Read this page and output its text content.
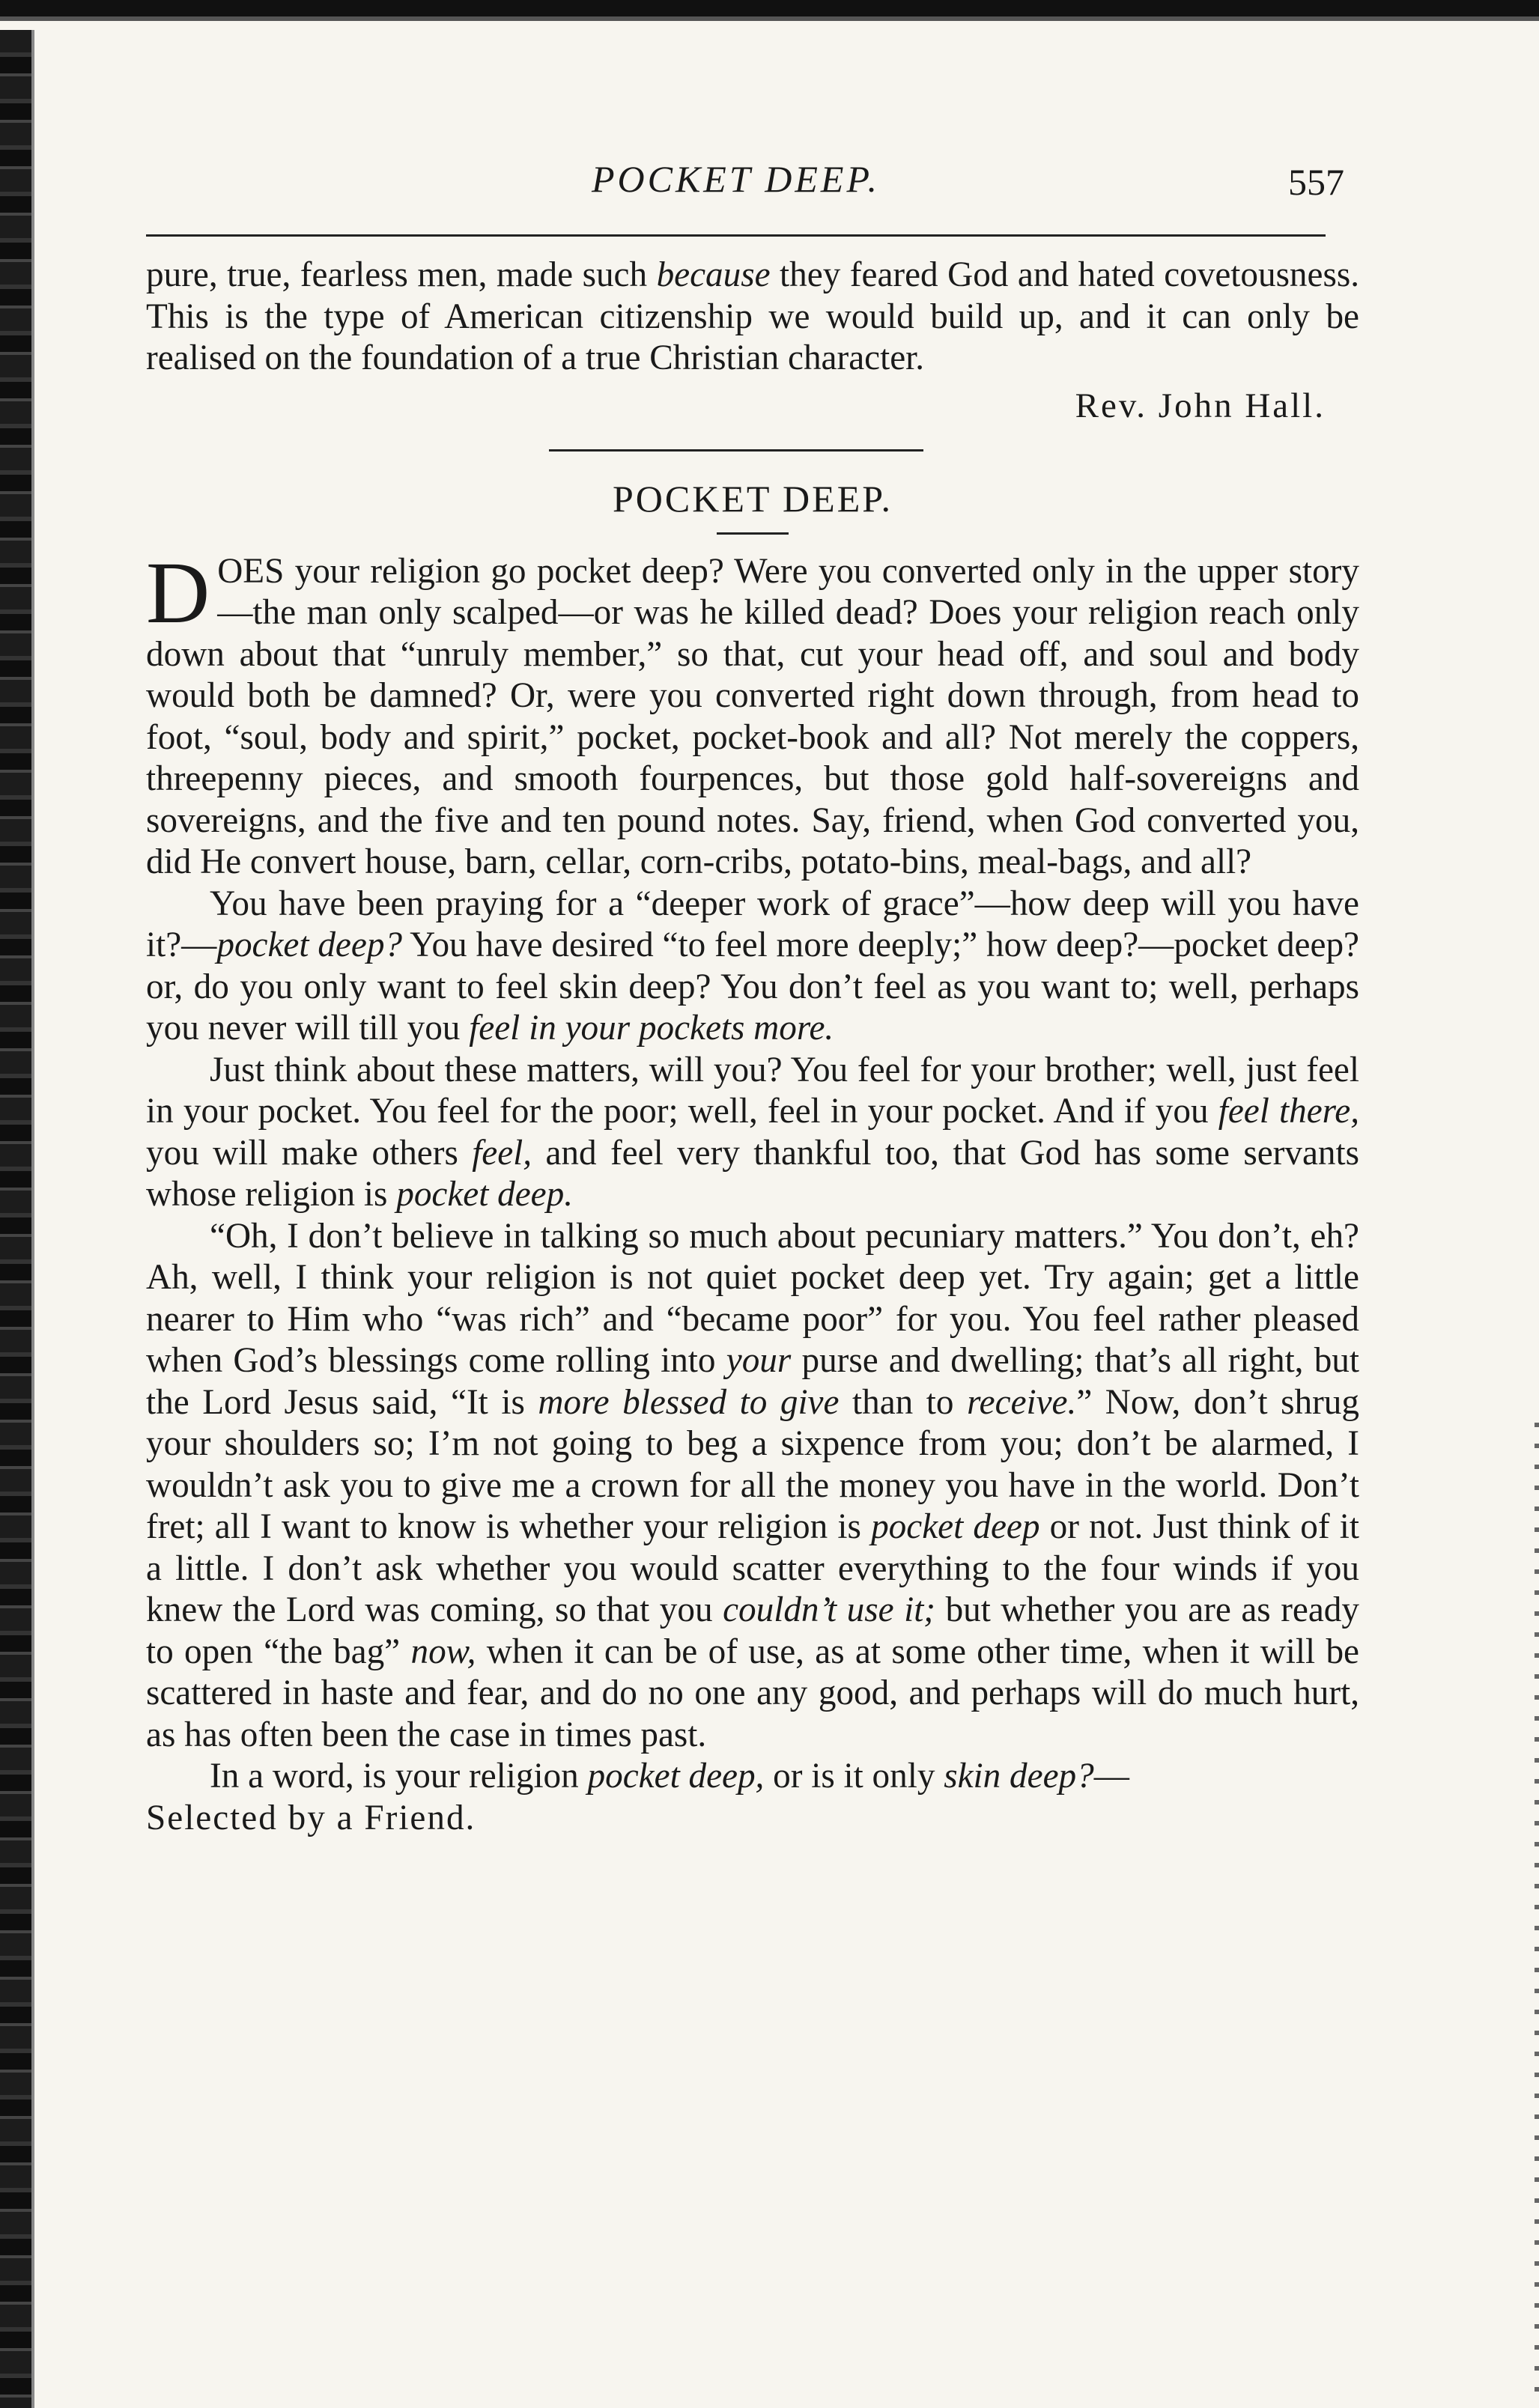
POCKET DEEP.	557

pure, true, fearless men, made such because they feared God and hated covetousness. This is the type of American citizenship we would build up, and it can only be realised on the foundation of a true Christian character.

Rev. John Hall.
POCKET DEEP.

DOES your religion go pocket deep? Were you converted only in the upper story—the man only scalped—or was he killed dead? Does your religion reach only down about that “unruly member,” so that, cut your head off, and soul and body would both be damned? Or, were you converted right down through, from head to foot, “soul, body and spirit,” pocket, pocket-book and all? Not merely the coppers, threepenny pieces, and smooth fourpences, but those gold half-sovereigns and sovereigns, and the five and ten pound notes. Say, friend, when God converted you, did He convert house, barn, cellar, corn-cribs, potato-bins, meal-bags, and all?

You have been praying for a “deeper work of grace”—how deep will you have it?—pocket deep? You have desired “to feel more deeply;” how deep?—pocket deep? or, do you only want to feel skin deep? You don’t feel as you want to; well, perhaps you never will till you feel in your pockets more.

Just think about these matters, will you? You feel for your brother; well, just feel in your pocket. You feel for the poor; well, feel in your pocket. And if you feel there, you will make others feel, and feel very thankful too, that God has some servants whose religion is pocket deep.

“Oh, I don’t believe in talking so much about pecuniary matters.” You don’t, eh? Ah, well, I think your religion is not quiet pocket deep yet. Try again; get a little nearer to Him who “was rich” and “became poor” for you. You feel rather pleased when God’s blessings come rolling into your purse and dwelling; that’s all right, but the Lord Jesus said, “It is more blessed to give than to receive.” Now, don’t shrug your shoulders so; I’m not going to beg a sixpence from you; don’t be alarmed, I wouldn’t ask you to give me a crown for all the money you have in the world. Don’t fret; all I want to know is whether your religion is pocket deep or not. Just think of it a little. I don’t ask whether you would scatter everything to the four winds if you knew the Lord was coming, so that you couldn’t use it; but whether you are as ready to open “the bag” now, when it can be of use, as at some other time, when it will be scattered in haste and fear, and do no one any good, and perhaps will do much hurt, as has often been the case in times past.

In a word, is your religion pocket deep, or is it only skin deep?—

Selected by a Friend.
